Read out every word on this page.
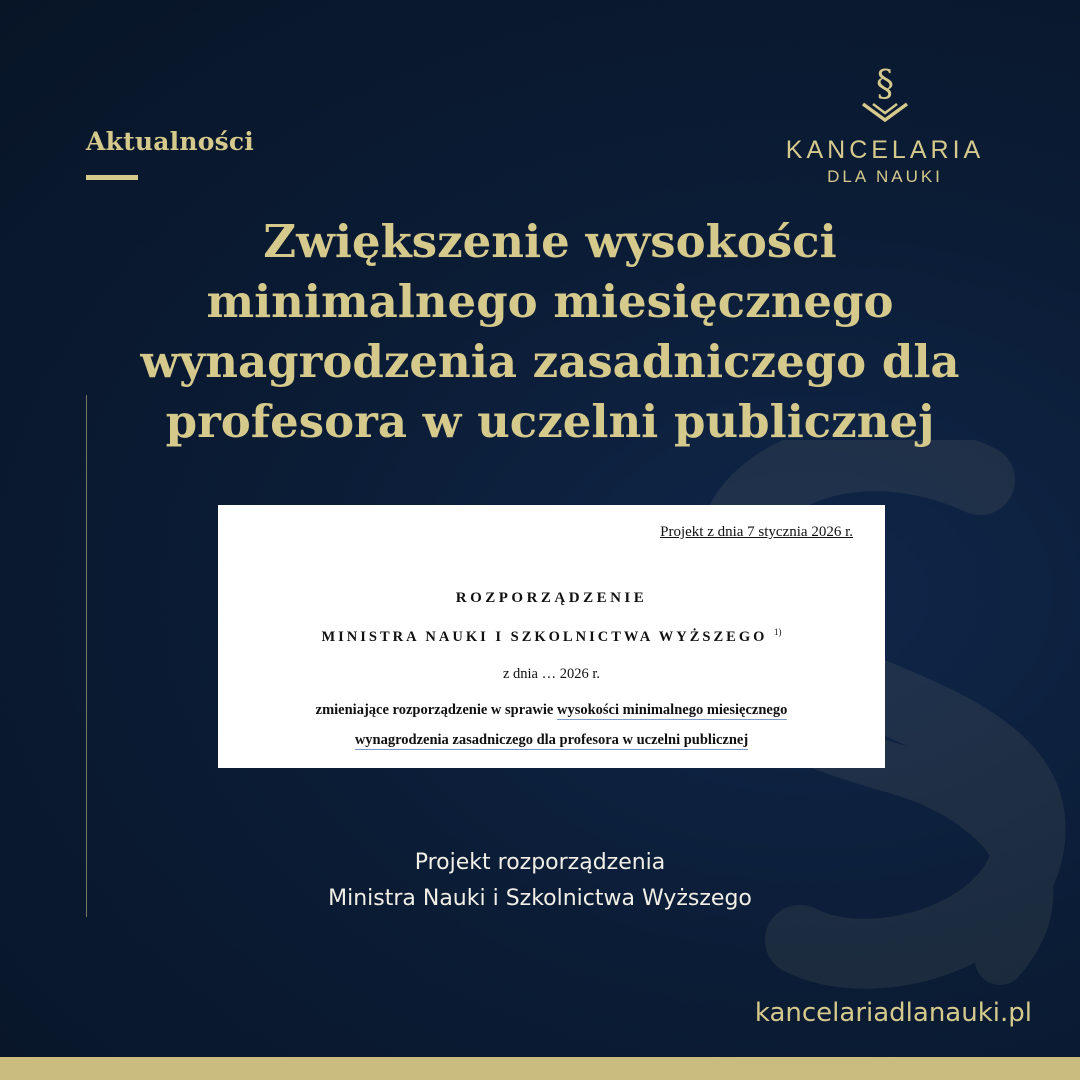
Aktualności
§
KANCELARIA
DLA NAUKI
Zwiększenie wysokości
minimalnego miesięcznego
wynagrodzenia zasadniczego dla
profesora w uczelni publicznej
Projekt z dnia 7 stycznia 2026 r.
ROZPORZĄDZENIE
MINISTRA NAUKI I SZKOLNICTWA WYŻSZEGO $^{1)}$
z dnia … 2026 r.
zmieniające rozporządzenie w sprawie wysokości minimalnego miesięcznego
wynagrodzenia zasadniczego dla profesora w uczelni publicznej
Projekt rozporządzenia
Ministra Nauki i Szkolnictwa Wyższego
kancelariadlanauki.pl
